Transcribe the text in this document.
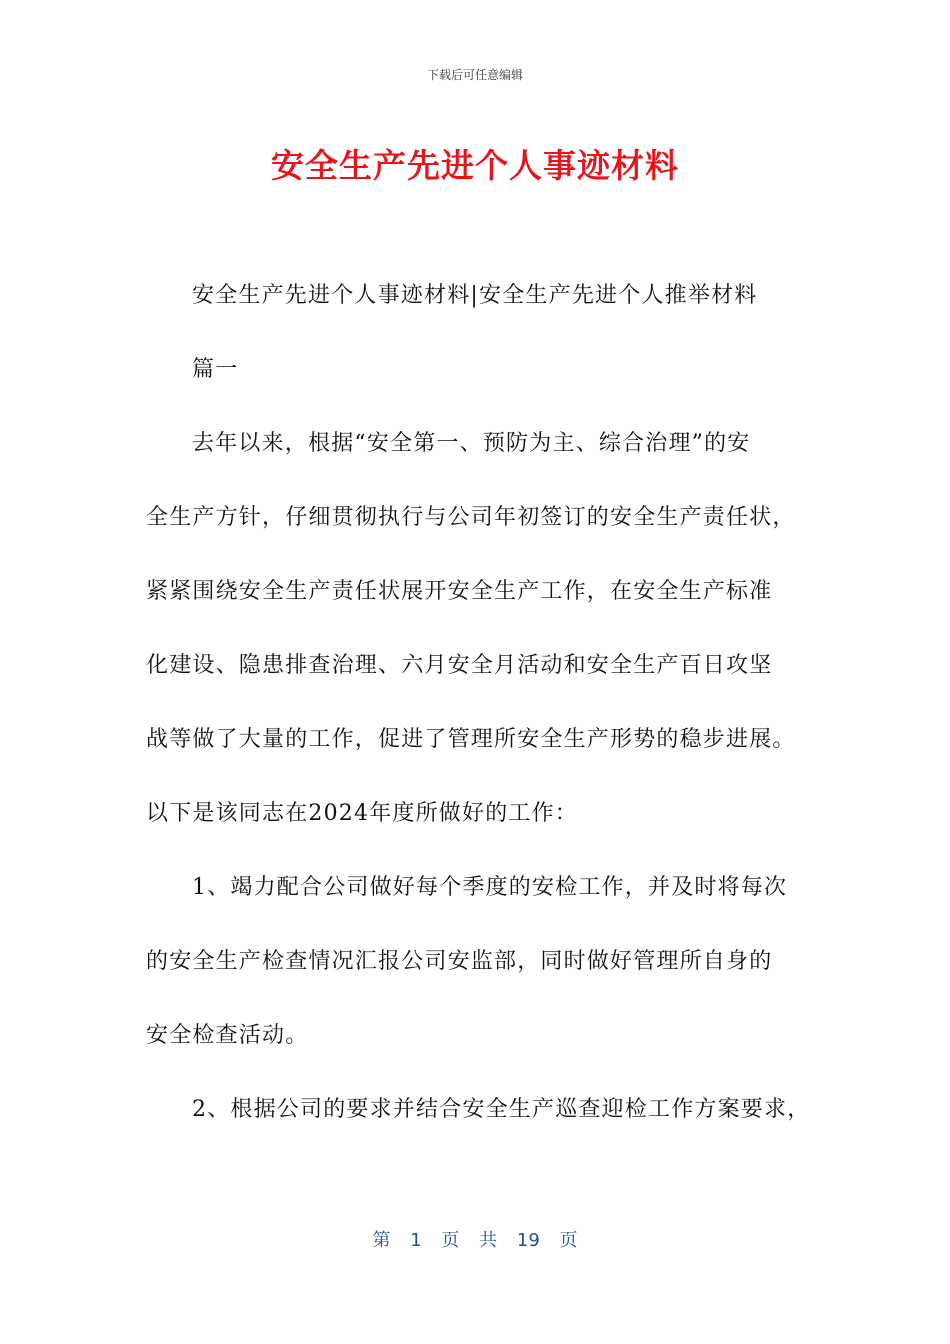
下载后可任意编辑
安全生产先进个人事迹材料
安全生产先进个人事迹材料|安全生产先进个人推举材料
篇一
去年以来，根据“安全第一、预防为主、综合治理”的安
全生产方针，仔细贯彻执行与公司年初签订的安全生产责任状，
紧紧围绕安全生产责任状展开安全生产工作，在安全生产标准
化建设、隐患排查治理、六月安全月活动和安全生产百日攻坚
战等做了大量的工作，促进了管理所安全生产形势的稳步进展。
以下是该同志在2024年度所做好的工作：
1、竭力配合公司做好每个季度的安检工作，并及时将每次
的安全生产检查情况汇报公司安监部，同时做好管理所自身的
安全检查活动。
2、根据公司的要求并结合安全生产巡查迎检工作方案要求，
第 1 页 共 19 页
